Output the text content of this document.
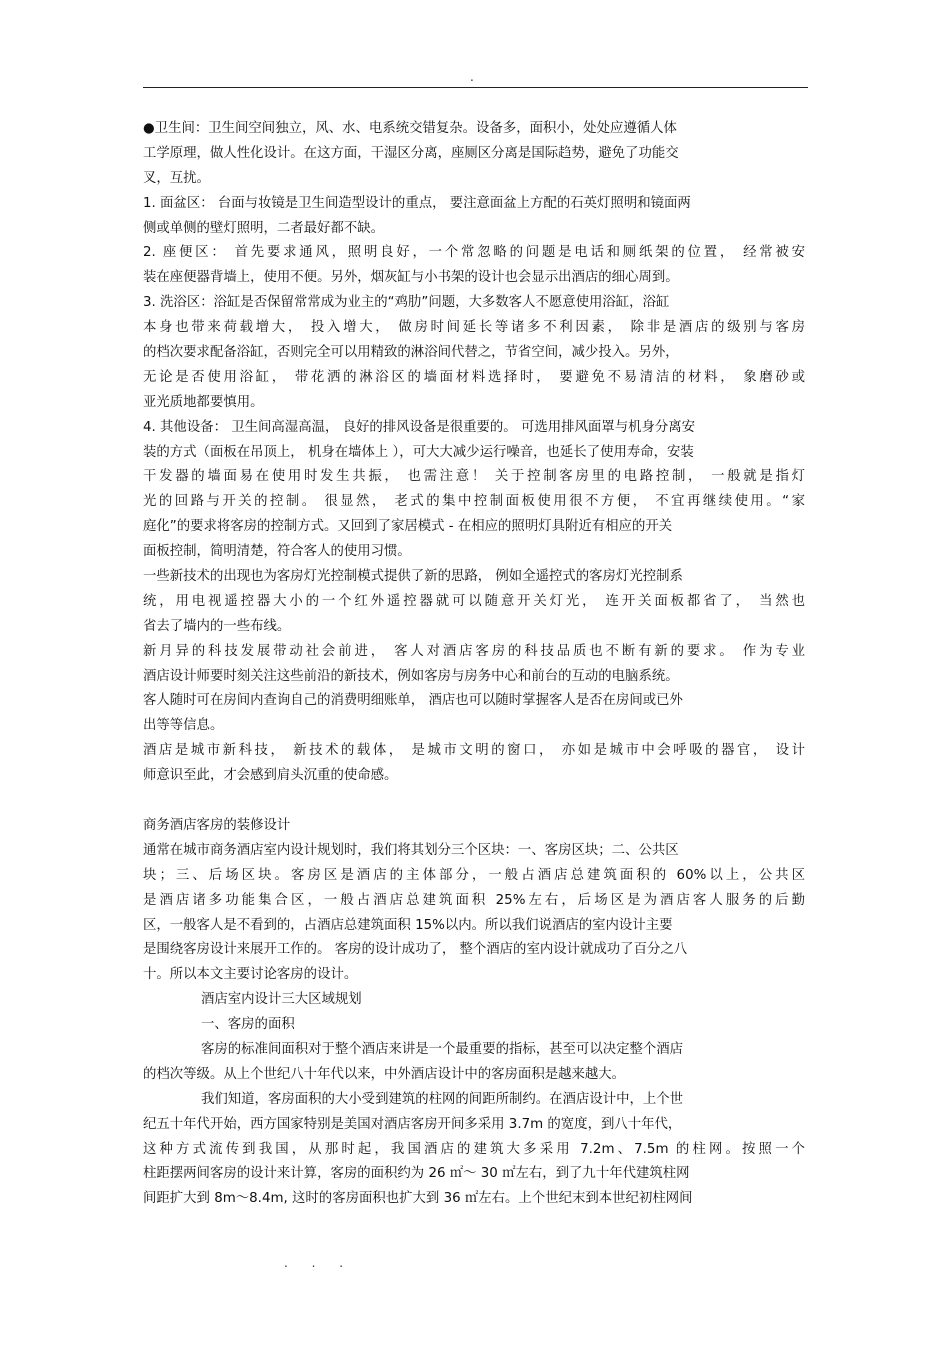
.
●卫生间：卫生间空间独立，风、水、电系统交错复杂。设备多，面积小，处处应遵循人体
工学原理，做人性化设计。在这方面，干湿区分离，座厕区分离是国际趋势，避免了功能交
叉，互扰。
1. 面盆区： 台面与妆镜是卫生间造型设计的重点， 要注意面盆上方配的石英灯照明和镜面两
侧或单侧的壁灯照明，二者最好都不缺。
2. 座便区： 首先要求通风，照明良好，一个常忽略的问题是电话和厕纸架的位置， 经常被安
装在座便器背墙上，使用不便。另外，烟灰缸与小书架的设计也会显示出酒店的细心周到。
3. 洗浴区：浴缸是否保留常常成为业主的“鸡肋”问题，大多数客人不愿意使用浴缸，浴缸
本身也带来荷载增大， 投入增大， 做房时间延长等诸多不利因素， 除非是酒店的级别与客房
的档次要求配备浴缸，否则完全可以用精致的淋浴间代替之，节省空间，减少投入。另外，
无论是否使用浴缸， 带花洒的淋浴区的墙面材料选择时， 要避免不易清洁的材料， 象磨砂或
亚光质地都要慎用。
4. 其他设备： 卫生间高湿高温， 良好的排风设备是很重要的。 可选用排风面罩与机身分离安
装的方式（面板在吊顶上， 机身在墙体上 ），可大大减少运行噪音，也延长了使用寿命，安装
干发器的墙面易在使用时发生共振， 也需注意！ 关于控制客房里的电路控制， 一般就是指灯
光的回路与开关的控制。 很显然， 老式的集中控制面板使用很不方便， 不宜再继续使用。“家
庭化”的要求将客房的控制方式。又回到了家居模式 - 在相应的照明灯具附近有相应的开关
面板控制，简明清楚，符合客人的使用习惯。
一些新技术的出现也为客房灯光控制模式提供了新的思路， 例如全遥控式的客房灯光控制系
统，用电视遥控器大小的一个红外遥控器就可以随意开关灯光， 连开关面板都省了， 当然也
省去了墙内的一些布线。
新月异的科技发展带动社会前进， 客人对酒店客房的科技品质也不断有新的要求。 作为专业
酒店设计师要时刻关注这些前沿的新技术，例如客房与房务中心和前台的互动的电脑系统。
客人随时可在房间内查询自己的消费明细账单， 酒店也可以随时掌握客人是否在房间或已外
出等等信息。
酒店是城市新科技， 新技术的载体， 是城市文明的窗口， 亦如是城市中会呼吸的器官， 设计
师意识至此，才会感到肩头沉重的使命感。
商务酒店客房的装修设计
通常在城市商务酒店室内设计规划时，我们将其划分三个区块：一、客房区块；二、公共区
块；三、后场区块。客房区是酒店的主体部分，一般占酒店总建筑面积的 60%以上，公共区
是酒店诸多功能集合区，一般占酒店总建筑面积 25%左右，后场区是为酒店客人服务的后勤
区，一般客人是不看到的，占酒店总建筑面积 15%以内。所以我们说酒店的室内设计主要
是围绕客房设计来展开工作的。 客房的设计成功了， 整个酒店的室内设计就成功了百分之八
十。所以本文主要讨论客房的设计。
酒店室内设计三大区域规划
一、客房的面积
客房的标准间面积对于整个酒店来讲是一个最重要的指标，甚至可以决定整个酒店
的档次等级。从上个世纪八十年代以来，中外酒店设计中的客房面积是越来越大。
我们知道，客房面积的大小受到建筑的柱网的间距所制约。在酒店设计中，上个世
纪五十年代开始，西方国家特别是美国对酒店客房开间多采用 3.7m 的宽度，到八十年代，
这种方式流传到我国，从那时起，我国酒店的建筑大多采用 7.2m、7.5m 的柱网。按照一个
柱距摆两间客房的设计来计算，客房的面积约为 26 ㎡～ 30 ㎡左右，到了九十年代建筑柱网
间距扩大到 8m～8.4m, 这时的客房面积也扩大到 36 ㎡左右。上个世纪末到本世纪初柱网间
. . .
